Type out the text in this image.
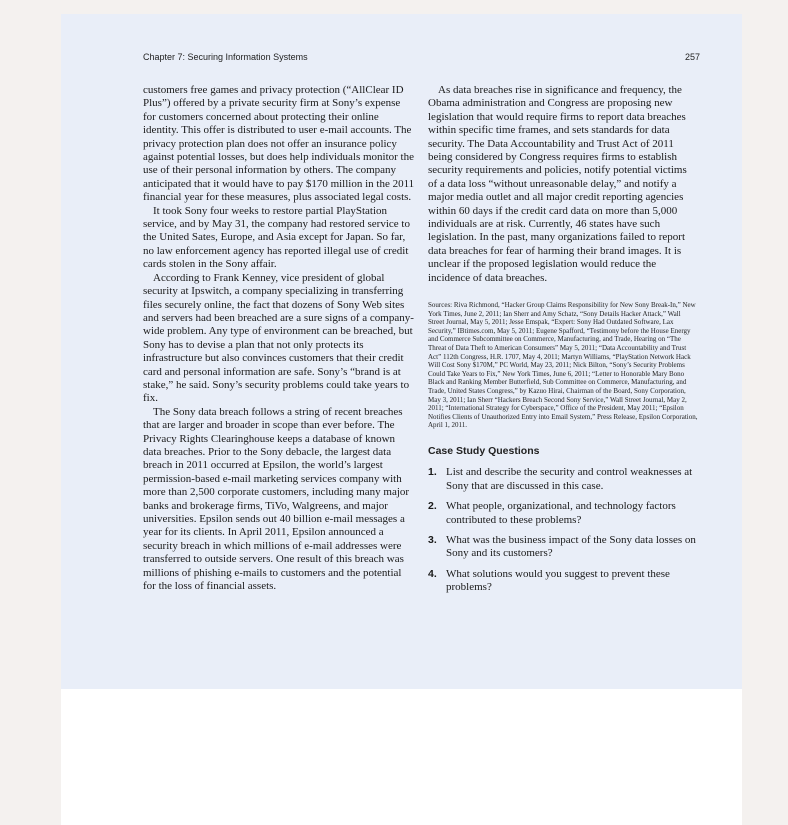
Chapter 7: Securing Information Systems	257

customers free games and privacy protection (“AllClear ID Plus”) offered by a private security firm at Sony’s expense for customers concerned about protecting their online identity. This offer is distributed to user e-mail accounts. The privacy protection plan does not offer an insurance policy against potential losses, but does help individuals monitor the use of their personal information by others. The company anticipated that it would have to pay $170 million in the 2011 financial year for these measures, plus associated legal costs.

It took Sony four weeks to restore partial PlayStation service, and by May 31, the company had restored service to the United Sates, Europe, and Asia except for Japan. So far, no law enforcement agency has reported illegal use of credit cards stolen in the Sony affair.

According to Frank Kenney, vice president of global security at Ipswitch, a company specializing in transferring files securely online, the fact that dozens of Sony Web sites and servers had been breached are a sure signs of a company-wide problem. Any type of environment can be breached, but Sony has to devise a plan that not only protects its infrastructure but also convinces customers that their credit card and personal information are safe. Sony’s “brand is at stake,” he said. Sony’s security problems could take years to fix.

The Sony data breach follows a string of recent breaches that are larger and broader in scope than ever before. The Privacy Rights Clearinghouse keeps a database of known data breaches. Prior to the Sony debacle, the largest data breach in 2011 occurred at Epsilon, the world’s largest permission-based e-mail marketing services company with more than 2,500 corporate customers, including many major banks and brokerage firms, TiVo, Walgreens, and major universities. Epsilon sends out 40 billion e-mail messages a year for its clients. In April 2011, Epsilon announced a security breach in which millions of e-mail addresses were transferred to outside servers. One result of this breach was millions of phishing e-mails to customers and the potential for the loss of financial assets.

As data breaches rise in significance and frequency, the Obama administration and Congress are proposing new legislation that would require firms to report data breaches within specific time frames, and sets standards for data security. The Data Accountability and Trust Act of 2011 being considered by Congress requires firms to establish security requirements and policies, notify potential victims of a data loss “without unreasonable delay,” and notify a major media outlet and all major credit reporting agencies within 60 days if the credit card data on more than 5,000 individuals are at risk. Currently, 46 states have such legislation. In the past, many organizations failed to report data breaches for fear of harming their brand images. It is unclear if the proposed legislation would reduce the incidence of data breaches.

Sources: Riva Richmond, “Hacker Group Claims Responsibility for New Sony Break-In,” New York Times, June 2, 2011; Ian Sherr and Amy Schatz, “Sony Details Hacker Attack,” Wall Street Journal, May 5, 2011; Jesse Emspak, “Expert: Sony Had Outdated Software, Lax Security,” IBtimes.com, May 5, 2011; Eugene Spafford, “Testimony before the House Energy and Commerce Subcommittee on Commerce, Manufacturing, and Trade, Hearing on “The Threat of Data Theft to American Consumers” May 5, 2011; “Data Accountability and Trust Act” 112th Congress, H.R. 1707, May 4, 2011; Martyn Williams, “PlayStation Network Hack Will Cost Sony $170M,” PC World, May 23, 2011; Nick Bilton, “Sony’s Security Problems Could Take Years to Fix,” New York Times, June 6, 2011; “Letter to Honorable Mary Bono Black and Ranking Member Butterfield, Sub Committee on Commerce, Manufacturing, and Trade, United States Congress,” by Kazuo Hirai, Chairman of the Board, Sony Corporation, May 3, 2011; Ian Sherr “Hackers Breach Second Sony Service,” Wall Street Journal, May 2, 2011; “International Strategy for Cyberspace,” Office of the President, May 2011; “Epsilon Notifies Clients of Unauthorized Entry into Email System,” Press Release, Epsilon Corporation, April 1, 2011.

Case Study Questions
1. List and describe the security and control weaknesses at Sony that are discussed in this case.
2. What people, organizational, and technology factors contributed to these problems?
3. What was the business impact of the Sony data losses on Sony and its customers?
4. What solutions would you suggest to prevent these problems?
